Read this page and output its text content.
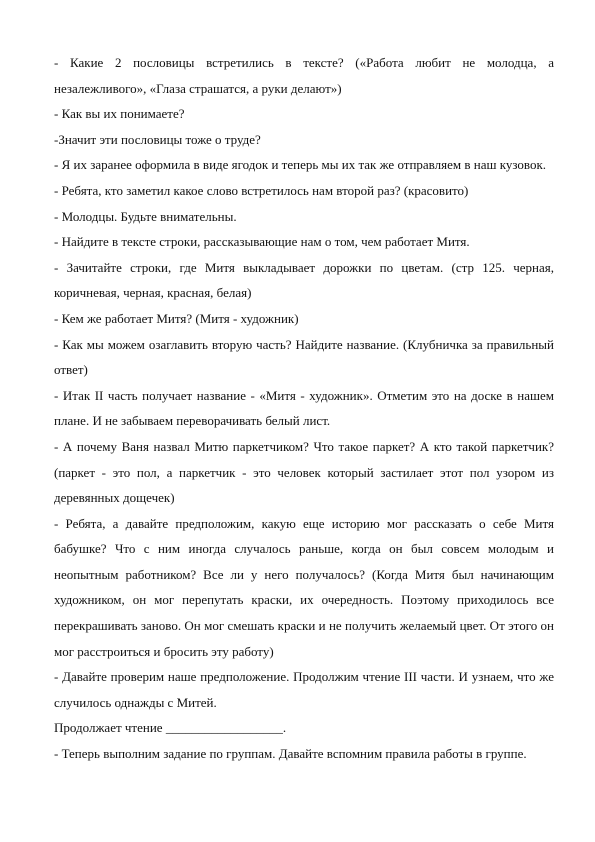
- Какие 2 пословицы встретились в тексте? («Работа любит не молодца, а незалежливого», «Глаза страшатся, а руки делают»)

- Как вы их понимаете?

-Значит эти пословицы тоже о труде?

- Я их заранее оформила в виде ягодок и теперь мы их так же отправляем в наш кузовок.

- Ребята, кто заметил какое слово встретилось нам второй раз? (красовито)

- Молодцы. Будьте внимательны.

- Найдите в тексте строки, рассказывающие нам о том, чем работает Митя.

- Зачитайте строки, где Митя выкладывает дорожки по цветам. (стр 125. черная, коричневая, черная, красная, белая)

- Кем же работает Митя? (Митя - художник)

- Как мы можем озаглавить вторую часть? Найдите название. (Клубничка за правильный ответ)

- Итак II часть получает название - «Митя - художник». Отметим это на доске в нашем плане. И не забываем переворачивать белый лист.

- А почему Ваня назвал Митю паркетчиком? Что такое паркет? А кто такой паркетчик? (паркет - это пол, а паркетчик - это человек который застилает этот пол узором из деревянных дощечек)

- Ребята, а давайте предположим, какую еще историю мог рассказать о себе Митя бабушке? Что с ним иногда случалось раньше, когда он был совсем молодым и неопытным работником? Все ли у него получалось? (Когда Митя был начинающим художником, он мог перепутать краски, их очередность. Поэтому приходилось все перекрашивать заново. Он мог смешать краски и не получить желаемый цвет. От этого он мог расстроиться и бросить эту работу)

- Давайте проверим наше предположение. Продолжим чтение III части. И узнаем, что же случилось однажды с Митей.

Продолжает чтение __________________.

- Теперь выполним задание по группам. Давайте вспомним правила работы в группе.
